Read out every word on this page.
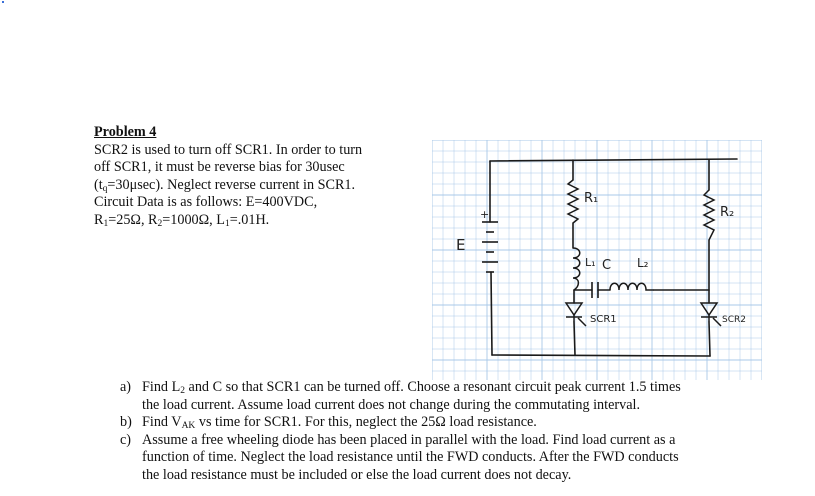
Problem 4
SCR2 is used to turn off SCR1. In order to turn
off SCR1, it must be reverse bias for 30usec
$(t_q=30\mu\sec)$. Neglect reverse current in SCR1.
Circuit Data is as follows: E=400VDC,
$R_1=25\Omega$, $R_2=1000\Omega$, $L_1=.01H$.
E
+
R₁
R₂
L₁ C L₂
SCR1	SCR2
a) Find $L_2$ and C so that SCR1 can be turned off. Choose a resonant circuit peak current 1.5 times
the load current. Assume load current does not change during the commutating interval.
b) Find $V_{AK}$ vs time for SCR1. For this, neglect the 25Ω load resistance.
c) Assume a free wheeling diode has been placed in parallel with the load. Find load current as a
function of time. Neglect the load resistance until the FWD conducts. After the FWD conducts
the load resistance must be included or else the load current does not decay.
